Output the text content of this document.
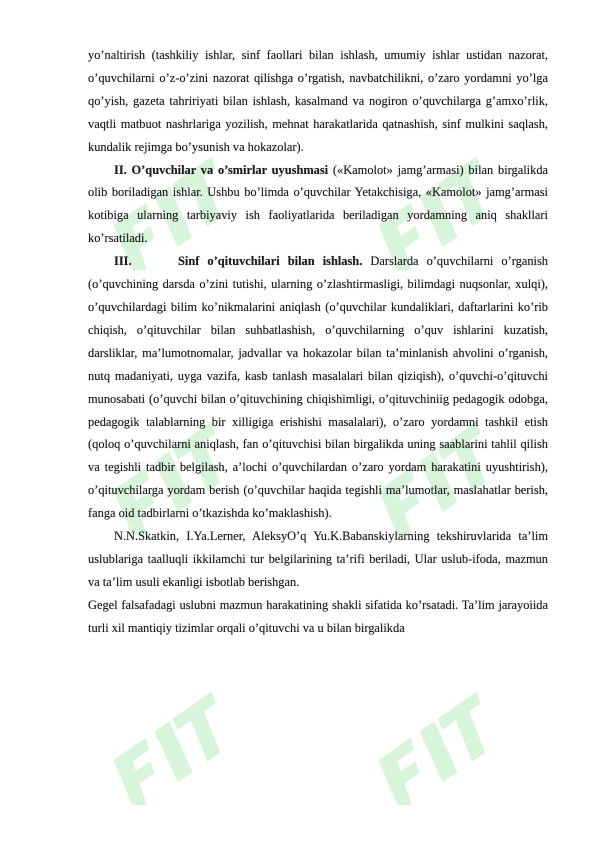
yo’naltirish (tashkiliy ishlar, sinf faollari bilan ishlash, umumiy ishlar ustidan nazorat, o’quvchilarni o’z-o’zini nazorat qilishga o’rgatish, navbatchilikni, o’zaro yordamni yo’lga qo’yish, gazeta tahririyati bilan ishlash, kasalmand va nogiron o’quvchilarga g’amxo’rlik, vaqtli matbuot nashrlariga yozilish, mehnat harakatlarida qatnashish, sinf mulkini saqlash, kundalik rejimga bo’ysunish va hokazolar).

II. O’quvchilar va o’smirlar uyushmasi («Kamolot» jamg’armasi) bilan birgalikda olib boriladigan ishlar. Ushbu bo’limda o’quvchilar Yetakchisiga, «Kamolot» jamg’armasi kotibiga ularning tarbiyaviy ish faoliyatlarida beriladigan yordamning aniq shakllari ko’rsatiladi.

III.	Sinf o’qituvchilari bilan ishlash. Darslarda o’quvchilarni o’rganish (o’quvchining darsda o’zini tutishi, ularning o’zlashtirmasligi, bilimdagi nuqsonlar, xulqi), o’quvchilardagi bilim ko’nikmalarini aniqlash (o’quvchilar kundaliklari, daftarlarini ko’rib chiqish, o’qituvchilar bilan suhbatlashish, o’quvchilarning o’quv ishlarini kuzatish, darsliklar, ma’lumotnomalar, jadvallar va hokazolar bilan ta’minlanish ahvolini o’rganish, nutq madaniyati, uyga vazifa, kasb tanlash masalalari bilan qiziqish), o’quvchi-o’qituvchi munosabati (o’quvchi bilan o’qituvchining chiqishimligi, o’qituvchiniig pedagogik odobga, pedagogik talablarning bir xilligiga erishishi masalalari), o’zaro yordamni tashkil etish (qoloq o’quvchilarni aniqlash, fan o’qituvchisi bilan birgalikda uning saablarini tahlil qilish va tegishli tadbir belgilash, a’lochi o’quvchilardan o’zaro yordam harakatini uyushtirish), o’qituvchilarga yordam berish (o’quvchilar haqida tegishli ma’lumotlar, maslahatlar berish, fanga oid tadbirlarni o’tkazishda ko’maklashish).

N.N.Skatkin, I.Ya.Lerner, AleksyO’q Yu.K.Babanskiylarning tekshiruvlarida ta’lim uslublariga taalluqli ikkilamchi tur belgilarining ta’rifi beriladi, Ular uslub-ifoda, mazmun va ta’lim usuli ekanligi isbotlab berishgan.

Gegel falsafadagi uslubni mazmun harakatining shakli sifatida ko’rsatadi. Ta’lim jarayoiida turli xil mantiqiy tizimlar orqali o’qituvchi va u bilan birgalikda
